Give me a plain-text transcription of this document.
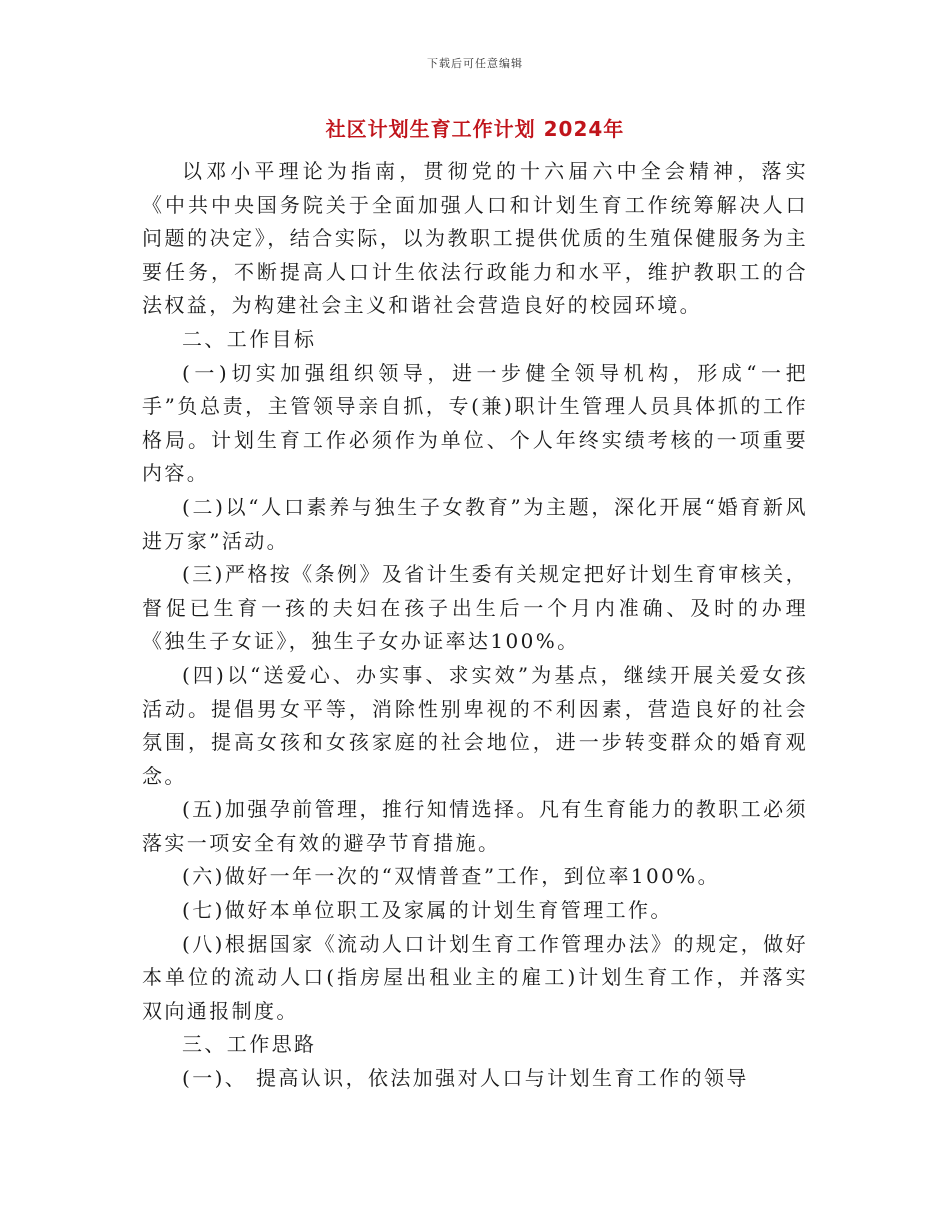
下载后可任意编辑
社区计划生育工作计划 2024年

以邓小平理论为指南，贯彻党的十六届六中全会精神，落实《中共中央国务院关于全面加强人口和计划生育工作统筹解决人口问题的决定》，结合实际，以为教职工提供优质的生殖保健服务为主要任务，不断提高人口计生依法行政能力和水平，维护教职工的合法权益，为构建社会主义和谐社会营造良好的校园环境。

二、工作目标

(一)切实加强组织领导，进一步健全领导机构，形成“一把手”负总责，主管领导亲自抓，专(兼)职计生管理人员具体抓的工作格局。计划生育工作必须作为单位、个人年终实绩考核的一项重要内容。

(二)以“人口素养与独生子女教育”为主题，深化开展“婚育新风进万家”活动。

(三)严格按《条例》及省计生委有关规定把好计划生育审核关，督促已生育一孩的夫妇在孩子出生后一个月内准确、及时的办理《独生子女证》，独生子女办证率达100%。

(四)以“送爱心、办实事、求实效”为基点，继续开展关爱女孩活动。提倡男女平等，消除性别卑视的不利因素，营造良好的社会氛围，提高女孩和女孩家庭的社会地位，进一步转变群众的婚育观念。

(五)加强孕前管理，推行知情选择。凡有生育能力的教职工必须落实一项安全有效的避孕节育措施。

(六)做好一年一次的“双情普查”工作，到位率100%。

(七)做好本单位职工及家属的计划生育管理工作。

(八)根据国家《流动人口计划生育工作管理办法》的规定，做好本单位的流动人口(指房屋出租业主的雇工)计划生育工作，并落实双向通报制度。

三、工作思路

(一)、 提高认识，依法加强对人口与计划生育工作的领导
